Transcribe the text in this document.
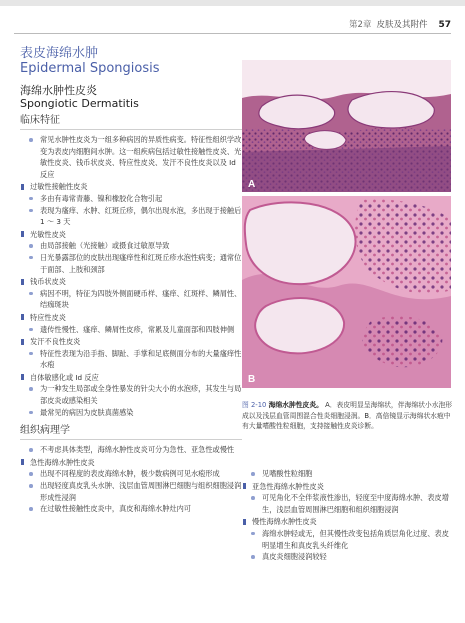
第2章 皮肤及其附件 57
表皮海绵水肿
Epidermal Spongiosis
海绵水肿性皮炎
Spongiotic Dermatitis
临床特征
常见水肿性皮炎为一组多种病因的异质性病变。特征性组织学改变为表皮内细胞间水肿。这一组疾病包括过敏性接触性皮炎、光敏性皮炎、钱币状皮炎、特应性皮炎、发汗不良性皮炎以及 Id 反应
过敏性接触性皮炎
多由有毒常青藤、镍和橡胶化合物引起
表现为瘙痒、水肿、红斑丘疹，偶尔出现水泡，多出现于接触后 1 ～ 3 天
光敏性皮炎
由局部接触（光接触）或摄食过敏原导致
日光暴露部位的皮肤出现瘙痒性和红斑丘疹水泡性病变；通常位于面部、上肢和颈部
钱币状皮炎
病因不明，特征为四肢外侧面硬币样、瘙痒、红斑样、鳞屑性、结痂斑块
特应性皮炎
遗传性慢性、瘙痒、鳞屑性皮疹，常累及儿童面部和四肢伸侧
发汗不良性皮炎
特征性表现为沿手指、脚趾、手掌和足底侧面分布的大量瘙痒性水疱
自体敏感化或 Id 反应
为一种发生局部或全身性暴发的针尖大小的水泡疹，其发生与局部皮炎或感染相关
最常见的病因为皮肤真菌感染
组织病理学
不考虑具体类型，海绵水肿性皮炎可分为急性、亚急性或慢性
急性海绵水肿性皮炎
出现不同程度的表皮海绵水肿，极少数病例可见水疱形成
出现轻度真皮乳头水肿、浅层血管周围淋巴细胞与组织细胞浸润形成性浸润
在过敏性接触性皮炎中，真皮和海绵水肿灶内可
A
B
图 2-10 海绵水肿性皮炎。 A．表皮明显呈海绵状，伴海绵状小水泡形成以及浅层血管周围混合性炎细胞浸润。B．高倍镜显示海绵状水疱中有大量嗜酸性粒细胞，支持接触性皮炎诊断。
见嗜酸性粒细胞
亚急性海绵水肿性皮炎
可见角化不全伴浆液性渗出，轻度至中度海绵水肿、表皮增生，浅层血管周围淋巴细胞和组织细胞浸润
慢性海绵水肿性皮炎
海绵水肿轻或无，但其慢性改变包括角质层角化过度、表皮明显增生和真皮乳头纤维化
真皮炎细胞浸润较轻
